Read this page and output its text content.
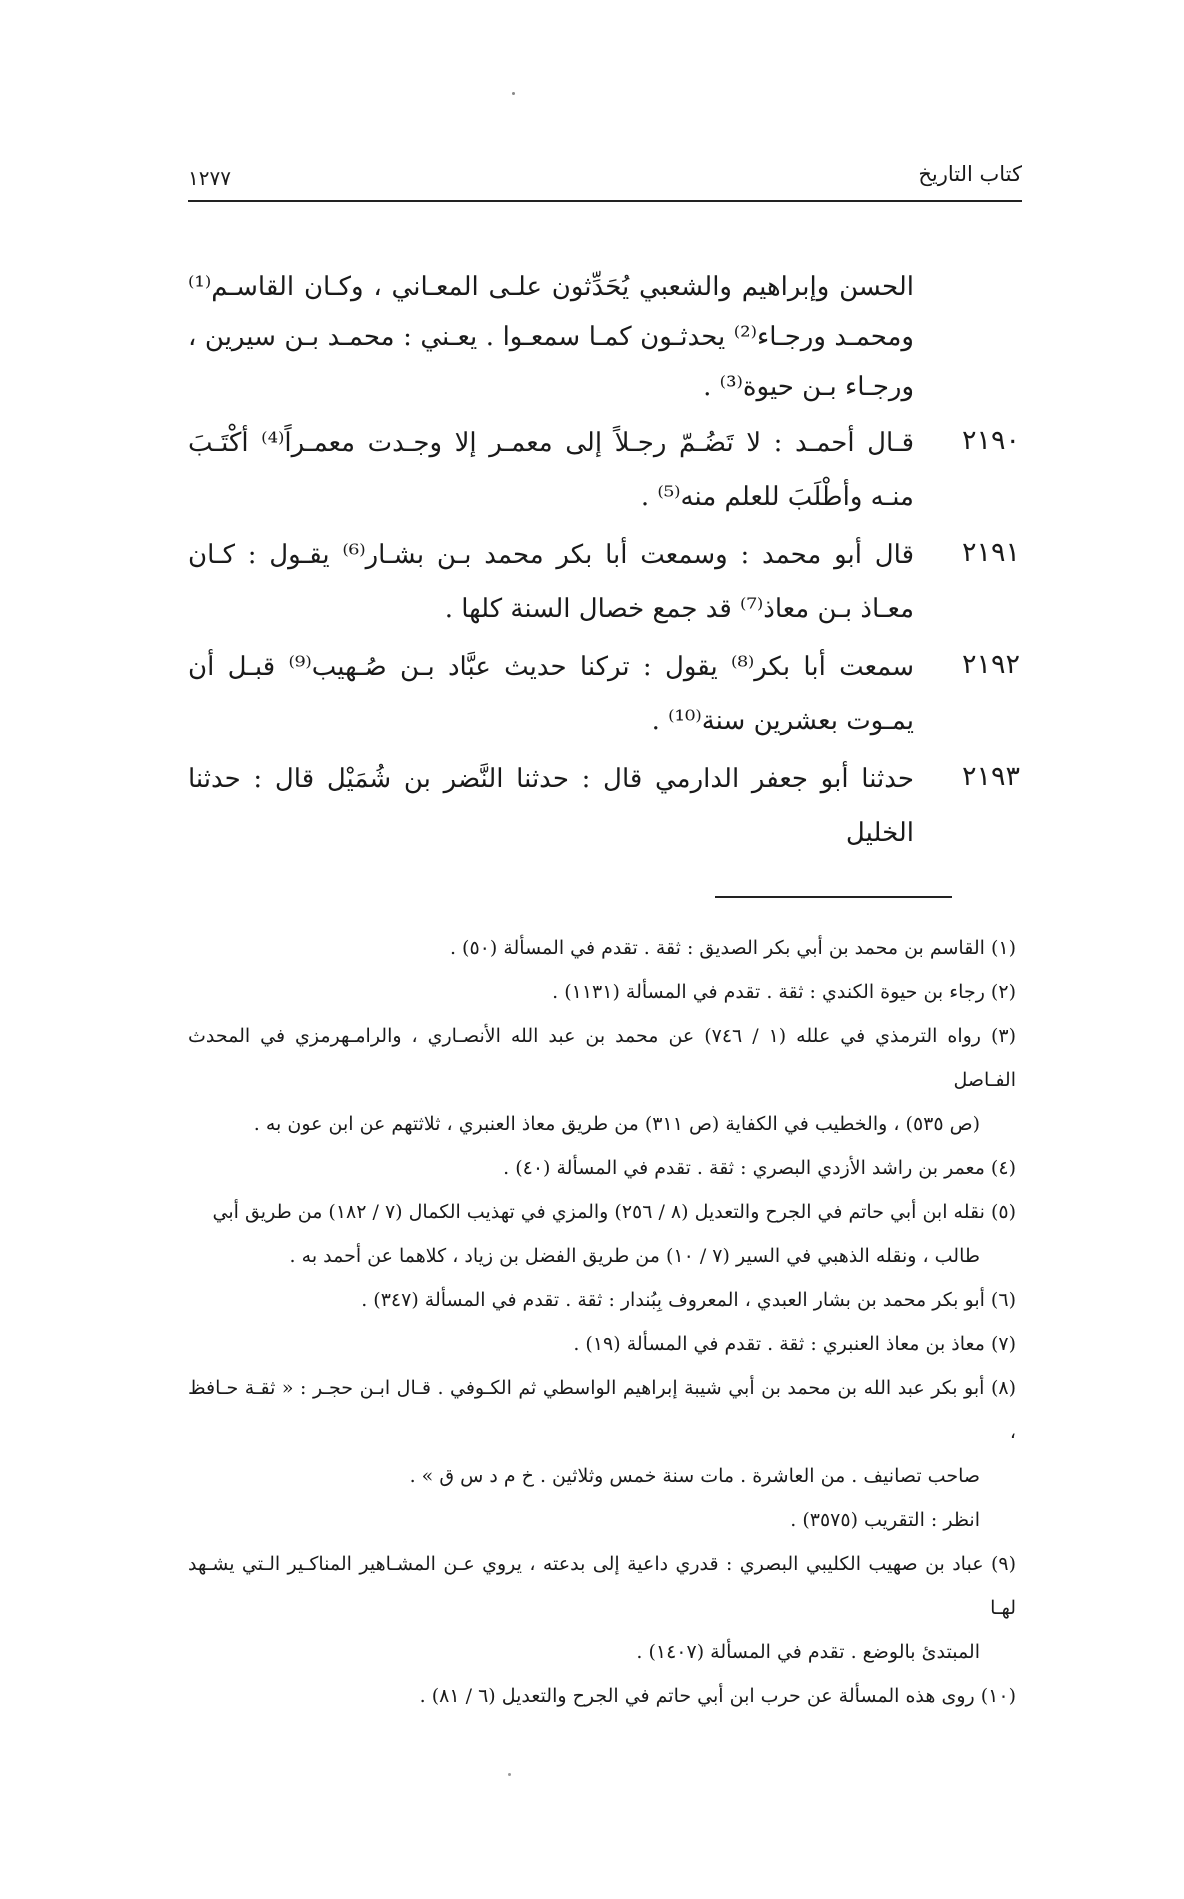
كتاب التاريخ
١٢٧٧

الحسن وإبراهيم والشعبي يُحَدِّثون علـى المعـاني ، وكـان القاسـم⁽¹⁾ ومحمـد ورجـاء⁽²⁾ يحدثـون كمـا سمعـوا . يعـني : محمـد بـن سيرين ، ورجـاء بـن حيوة⁽³⁾ .

٢١٩٠
قـال أحمـد : لا تَضُـمّ رجـلاً إلى معمـر إلا وجـدت معمـراً⁽⁴⁾ أكْتَـبَ منـه وأطْلَبَ للعلم منه⁽⁵⁾ .
٢١٩١
قال أبو محمد : وسمعت أبا بكر محمد بـن بشـار⁽⁶⁾ يقـول : كـان معـاذ بـن معاذ⁽⁷⁾ قد جمع خصال السنة كلها .
٢١٩٢
سمعت أبا بكر⁽⁸⁾ يقول : تركنا حديث عبَّاد بـن صُـهيب⁽⁹⁾ قبـل أن يمـوت بعشرين سنة⁽¹⁰⁾ .
٢١٩٣
حدثنا أبو جعفر الدارمي قال : حدثنا النَّضر بن شُمَيْل قال : حدثنا الخليل

(١) القاسم بن محمد بن أبي بكر الصديق : ثقة . تقدم في المسألة (٥٠) .

(٢) رجاء بن حيوة الكندي : ثقة . تقدم في المسألة (١١٣١) .

(٣) رواه الترمذي في علله (١ / ٧٤٦) عن محمد بن عبد الله الأنصـاري ، والرامـهرمزي في المحدث الفـاصل
(ص ٥٣٥) ، والخطيب في الكفاية (ص ٣١١) من طريق معاذ العنبري ، ثلاثتهم عن ابن عون به .

(٤) معمر بن راشد الأزدي البصري : ثقة . تقدم في المسألة (٤٠) .

(٥) نقله ابن أبي حاتم في الجرح والتعديل (٨ / ٢٥٦) والمزي في تهذيب الكمال (٧ / ١٨٢) من طريق أبي
طالب ، ونقله الذهبي في السير (٧ / ١٠) من طريق الفضل بن زياد ، كلاهما عن أحمد به .

(٦) أبو بكر محمد بن بشار العبدي ، المعروف بِبُندار : ثقة . تقدم في المسألة (٣٤٧) .

(٧) معاذ بن معاذ العنبري : ثقة . تقدم في المسألة (١٩) .

(٨) أبو بكر عبد الله بن محمد بن أبي شيبة إبراهيم الواسطي ثم الكـوفي . قـال ابـن حجـر : « ثقـة حـافظ ،
صاحب تصانيف . من العاشرة . مات سنة خمس وثلاثين . خ م د س ق » .
انظر : التقريب (٣٥٧٥) .

(٩) عباد بن صهيب الكليبي البصري : قدري داعية إلى بدعته ، يروي عـن المشـاهير المناكـير الـتي يشـهد لهـا
المبتدئ بالوضع . تقدم في المسألة (١٤٠٧) .

(١٠) روى هذه المسألة عن حرب ابن أبي حاتم في الجرح والتعديل (٦ / ٨١) .
